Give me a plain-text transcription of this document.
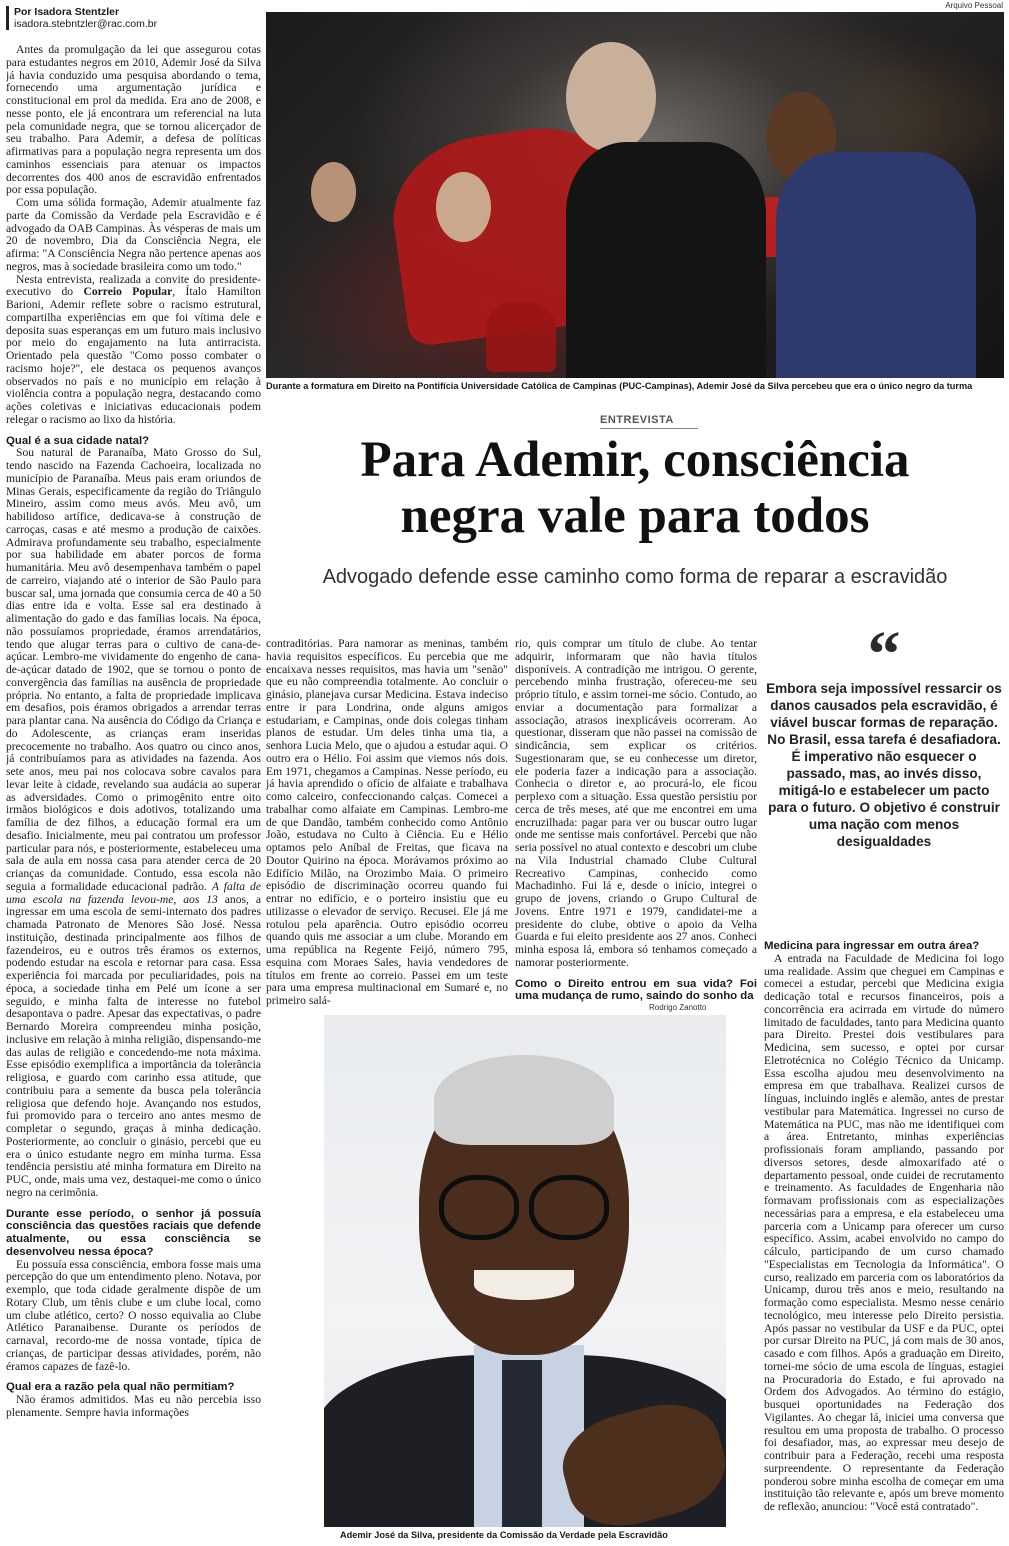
Por Isadora Stentzler
isadora.stebntzler@rac.com.br

Antes da promulgação da lei que assegurou cotas para estudantes negros em 2010, Ademir José da Silva já havia conduzido uma pesquisa abordando o tema, fornecendo uma argumentação jurídica e constitucional em prol da medida. Era ano de 2008, e nesse ponto, ele já encontrara um referencial na luta pela comunidade negra, que se tornou alicerçador de seu trabalho. Para Ademir, a defesa de políticas afirmativas para a população negra representa um dos caminhos essenciais para atenuar os impactos decorrentes dos 400 anos de escravidão enfrentados por essa população.

Com uma sólida formação, Ademir atualmente faz parte da Comissão da Verdade pela Escravidão e é advogado da OAB Campinas. Às vésperas de mais um 20 de novembro, Dia da Consciência Negra, ele afirma: "A Consciência Negra não pertence apenas aos negros, mas à sociedade brasileira como um todo."

Nesta entrevista, realizada a convite do presidente-executivo do Correio Popular, Ítalo Hamilton Barioni, Ademir reflete sobre o racismo estrutural, compartilha experiências em que foi vítima dele e deposita suas esperanças em um futuro mais inclusivo por meio do engajamento na luta antirracista. Orientado pela questão "Como posso combater o racismo hoje?", ele destaca os pequenos avanços observados no país e no município em relação à violência contra a população negra, destacando como ações coletivas e iniciativas educacionais podem relegar o racismo ao lixo da história.

Qual é a sua cidade natal?

Sou natural de Paranaíba, Mato Grosso do Sul, tendo nascido na Fazenda Cachoeira, localizada no município de Paranaíba. Meus pais eram oriundos de Minas Gerais, especificamente da região do Triângulo Mineiro, assim como meus avós. Meu avô, um habilidoso artífice, dedicava-se à construção de carroças, casas e até mesmo a produção de caixões. Admirava profundamente seu trabalho, especialmente por sua habilidade em abater porcos de forma humanitária. Meu avô desempenhava também o papel de carreiro, viajando até o interior de São Paulo para buscar sal, uma jornada que consumia cerca de 40 a 50 dias entre ida e volta. Esse sal era destinado à alimentação do gado e das famílias locais. Na época, não possuíamos propriedade, éramos arrendatários, tendo que alugar terras para o cultivo de cana-de-açúcar. Lembro-me vividamente do engenho de cana-de-açúcar datado de 1902, que se tornou o ponto de convergência das famílias na ausência de propriedade própria. No entanto, a falta de propriedade implicava em desafios, pois éramos obrigados a arrendar terras para plantar cana. Na ausência do Código da Criança e do Adolescente, as crianças eram inseridas precocemente no trabalho. Aos quatro ou cinco anos, já contribuíamos para as atividades na fazenda. Aos sete anos, meu pai nos colocava sobre cavalos para levar leite à cidade, revelando sua audácia ao superar as adversidades. Como o primogênito entre oito irmãos biológicos e dois adotivos, totalizando uma família de dez filhos, a educação formal era um desafio. Inicialmente, meu pai contratou um professor particular para nós, e posteriormente, estabeleceu uma sala de aula em nossa casa para atender cerca de 20 crianças da comunidade. Contudo, essa escola não seguia a formalidade educacional padrão. A falta de uma escola na fazenda levou-me, aos 13 anos, a ingressar em uma escola de semi-internato dos padres chamada Patronato de Menores São José. Nessa instituição, destinada principalmente aos filhos de fazendeiros, eu e outros três éramos os externos, podendo estudar na escola e retornar para casa. Essa experiência foi marcada por peculiaridades, pois na época, a sociedade tinha em Pelé um ícone a ser seguido, e minha falta de interesse no futebol desapontava o padre. Apesar das expectativas, o padre Bernardo Moreira compreendeu minha posição, inclusive em relação à minha religião, dispensando-me das aulas de religião e concedendo-me nota máxima. Esse episódio exemplifica a importância da tolerância religiosa, e guardo com carinho essa atitude, que contribuiu para a semente da busca pela tolerância religiosa que defendo hoje. Avançando nos estudos, fui promovido para o terceiro ano antes mesmo de completar o segundo, graças à minha dedicação. Posteriormente, ao concluir o ginásio, percebi que eu era o único estudante negro em minha turma. Essa tendência persistiu até minha formatura em Direito na PUC, onde, mais uma vez, destaquei-me como o único negro na cerimônia.

Durante esse período, o senhor já possuía consciência das questões raciais que defende atualmente, ou essa consciência se desenvolveu nessa época?

Eu possuía essa consciência, embora fosse mais uma percepção do que um entendimento pleno. Notava, por exemplo, que toda cidade geralmente dispõe de um Rotary Club, um tênis clube e um clube local, como um clube atlético, certo? O nosso equivalia ao Clube Atlético Paranaibense. Durante os períodos de carnaval, recordo-me de nossa vontade, típica de crianças, de participar dessas atividades, porém, não éramos capazes de fazê-lo.

Qual era a razão pela qual não permitiam?

Não éramos admitidos. Mas eu não percebia isso plenamente. Sempre havia informações

Arquivo Pessoal
Durante a formatura em Direito na Pontifícia Universidade Católica de Campinas (PUC-Campinas), Ademir José da Silva percebeu que era o único negro da turma
ENTREVISTA
Para Ademir, consciência
negra vale para todos
Advogado defende esse caminho como forma de reparar a escravidão

contraditórias. Para namorar as meninas, também havia requisitos específicos. Eu percebia que me encaixava nesses requisitos, mas havia um "senão" que eu não compreendia totalmente. Ao concluir o ginásio, planejava cursar Medicina. Estava indeciso entre ir para Londrina, onde alguns amigos estudariam, e Campinas, onde dois colegas tinham planos de estudar. Um deles tinha uma tia, a senhora Lucia Melo, que o ajudou a estudar aqui. O outro era o Hélio. Foi assim que viemos nós dois. Em 1971, chegamos a Campinas. Nesse período, eu já havia aprendido o ofício de alfaiate e trabalhava como calceiro, confeccionando calças. Comecei a trabalhar como alfaiate em Campinas. Lembro-me de que Dandão, também conhecido como Antônio João, estudava no Culto à Ciência. Eu e Hélio optamos pelo Aníbal de Freitas, que ficava na Doutor Quirino na época. Morávamos próximo ao Edifício Milão, na Orozimbo Maia. O primeiro episódio de discriminação ocorreu quando fui entrar no edifício, e o porteiro insistiu que eu utilizasse o elevador de serviço. Recusei. Ele já me rotulou pela aparência. Outro episódio ocorreu quando quis me associar a um clube. Morando em uma república na Regente Feijó, número 795, esquina com Moraes Sales, havia vendedores de títulos em frente ao correio. Passei em um teste para uma empresa multinacional em Sumaré e, no primeiro salá-

rio, quis comprar um título de clube. Ao tentar adquirir, informaram que não havia títulos disponíveis. A contradição me intrigou. O gerente, percebendo minha frustração, ofereceu-me seu próprio título, e assim tornei-me sócio. Contudo, ao enviar a documentação para formalizar a associação, atrasos inexplicáveis ocorreram. Ao questionar, disseram que não passei na comissão de sindicância, sem explicar os critérios. Sugestionaram que, se eu conhecesse um diretor, ele poderia fazer a indicação para a associação. Conhecia o diretor e, ao procurá-lo, ele ficou perplexo com a situação. Essa questão persistiu por cerca de três meses, até que me encontrei em uma encruzilhada: pagar para ver ou buscar outro lugar onde me sentisse mais confortável. Percebi que não seria possível no atual contexto e descobri um clube na Vila Industrial chamado Clube Cultural Recreativo Campinas, conhecido como Machadinho. Fui lá e, desde o início, integrei o grupo de jovens, criando o Grupo Cultural de Jovens. Entre 1971 e 1979, candidatei-me a presidente do clube, obtive o apoio da Velha Guarda e fui eleito presidente aos 27 anos. Conheci minha esposa lá, embora só tenhamos começado a namorar posteriormente.

Como o Direito entrou em sua vida? Foi uma mudança de rumo, saindo do sonho da

“
Embora seja impossível ressarcir os danos causados pela escravidão, é viável buscar formas de reparação. No Brasil, essa tarefa é desafiadora. É imperativo não esquecer o passado, mas, ao invés disso, mitigá-lo e estabelecer um pacto para o futuro. O objetivo é construir uma nação com menos desigualdades

Medicina para ingressar em outra área?

A entrada na Faculdade de Medicina foi logo uma realidade. Assim que cheguei em Campinas e comecei a estudar, percebi que Medicina exigia dedicação total e recursos financeiros, pois a concorrência era acirrada em virtude do número limitado de faculdades, tanto para Medicina quanto para Direito. Prestei dois vestibulares para Medicina, sem sucesso, e optei por cursar Eletrotécnica no Colégio Técnico da Unicamp. Essa escolha ajudou meu desenvolvimento na empresa em que trabalhava. Realizei cursos de línguas, incluindo inglês e alemão, antes de prestar vestibular para Matemática. Ingressei no curso de Matemática na PUC, mas não me identifiquei com a área. Entretanto, minhas experiências profissionais foram ampliando, passando por diversos setores, desde almoxarifado até o departamento pessoal, onde cuidei de recrutamento e treinamento. As faculdades de Engenharia não formavam profissionais com as especializações necessárias para a empresa, e ela estabeleceu uma parceria com a Unicamp para oferecer um curso específico. Assim, acabei envolvido no campo do cálculo, participando de um curso chamado "Especialistas em Tecnologia da Informática". O curso, realizado em parceria com os laboratórios da Unicamp, durou três anos e meio, resultando na formação como especialista. Mesmo nesse cenário tecnológico, meu interesse pelo Direito persistia. Após passar no vestibular da USF e da PUC, optei por cursar Direito na PUC, já com mais de 30 anos, casado e com filhos. Após a graduação em Direito, tornei-me sócio de uma escola de línguas, estagiei na Procuradoria do Estado, e fui aprovado na Ordem dos Advogados. Ao término do estágio, busquei oportunidades na Federação dos Vigilantes. Ao chegar lá, iniciei uma conversa que resultou em uma proposta de trabalho. O processo foi desafiador, mas, ao expressar meu desejo de contribuir para a Federação, recebi uma resposta surpreendente. O representante da Federação ponderou sobre minha escolha de começar em uma instituição tão relevante e, após um breve momento de reflexão, anunciou: "Você está contratado".

Rodrigo Zanotto
Ademir José da Silva, presidente da Comissão da Verdade pela Escravidão
